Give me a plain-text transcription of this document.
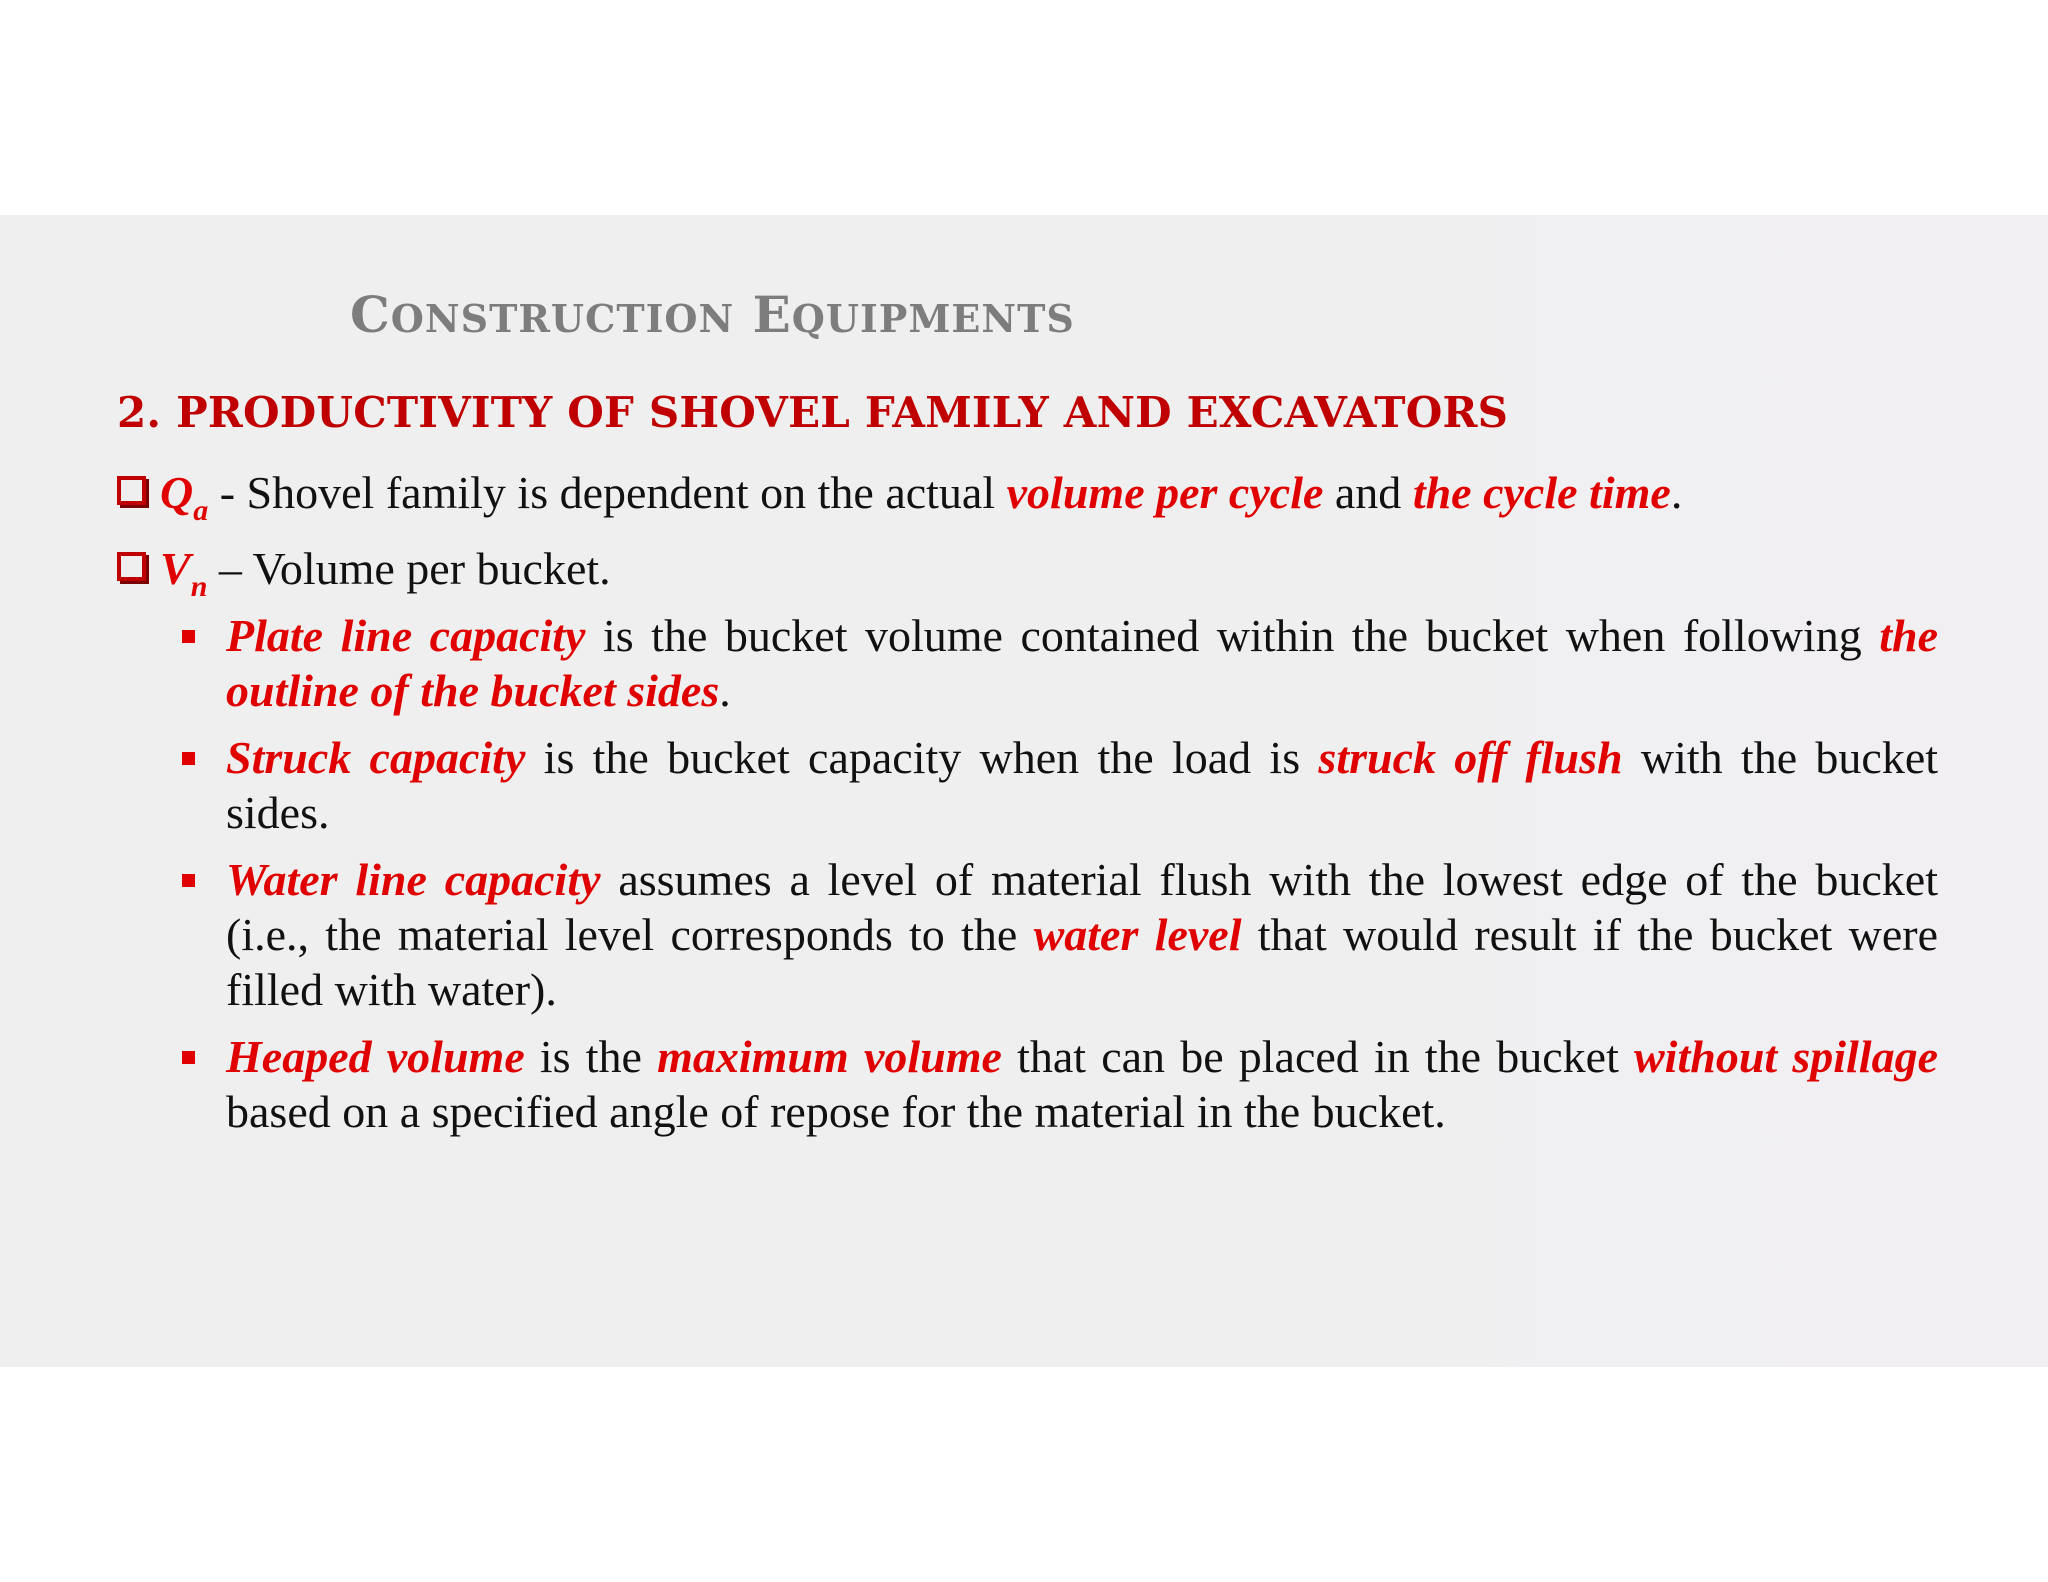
CONSTRUCTION EQUIPMENTS
2. PRODUCTIVITY OF SHOVEL FAMILY AND EXCAVATORS
$Q_a$ - Shovel family is dependent on the actual volume per cycle and the cycle time.
$V_n$ – Volume per bucket.
Plate line capacity is the bucket volume contained within the bucket when following the outline of the bucket sides.
Struck capacity is the bucket capacity when the load is struck off flush with the bucket sides.
Water line capacity assumes a level of material flush with the lowest edge of the bucket (i.e., the material level corresponds to the water level that would result if the bucket were filled with water).
Heaped volume is the maximum volume that can be placed in the bucket without spillage based on a specified angle of repose for the material in the bucket.
